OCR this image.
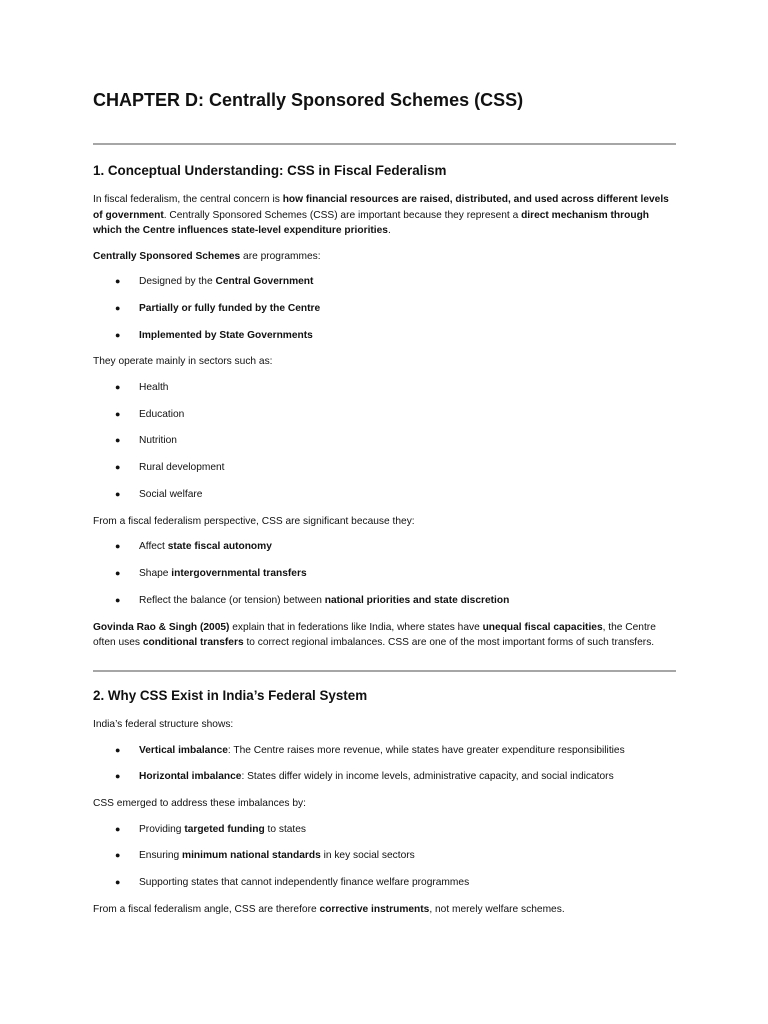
CHAPTER D: Centrally Sponsored Schemes (CSS)
1. Conceptual Understanding: CSS in Fiscal Federalism

In fiscal federalism, the central concern is how financial resources are raised, distributed, and used across different levels of government. Centrally Sponsored Schemes (CSS) are important because they represent a direct mechanism through which the Centre influences state-level expenditure priorities.

Centrally Sponsored Schemes are programmes:

● Designed by the Central Government
● Partially or fully funded by the Centre
● Implemented by State Governments

They operate mainly in sectors such as:

● Health
● Education
● Nutrition
● Rural development
● Social welfare

From a fiscal federalism perspective, CSS are significant because they:

● Affect state fiscal autonomy
● Shape intergovernmental transfers
● Reflect the balance (or tension) between national priorities and state discretion

Govinda Rao & Singh (2005) explain that in federations like India, where states have unequal fiscal capacities, the Centre often uses conditional transfers to correct regional imbalances. CSS are one of the most important forms of such transfers.

2. Why CSS Exist in India’s Federal System

India’s federal structure shows:

● Vertical imbalance: The Centre raises more revenue, while states have greater expenditure responsibilities
● Horizontal imbalance: States differ widely in income levels, administrative capacity, and social indicators

CSS emerged to address these imbalances by:

● Providing targeted funding to states
● Ensuring minimum national standards in key social sectors
● Supporting states that cannot independently finance welfare programmes

From a fiscal federalism angle, CSS are therefore corrective instruments, not merely welfare schemes.
